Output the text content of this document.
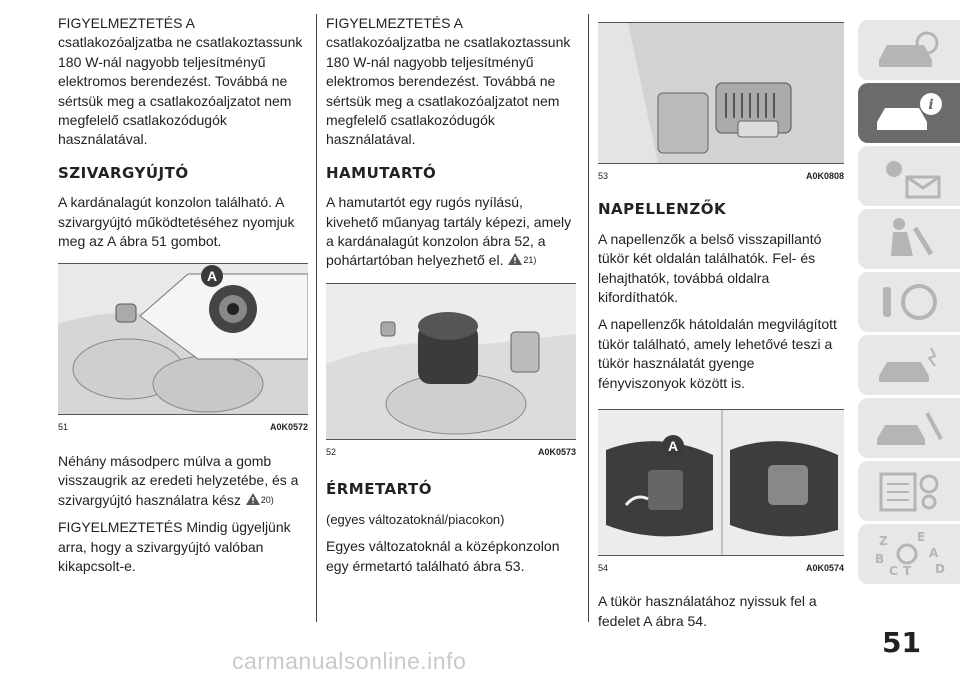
FIGYELMEZTETÉS A csatlakozóaljzatba ne csatlakoztassunk 180 W-nál nagyobb teljesítményű elektromos berendezést. Továbbá ne sértsük meg a csatlakozóaljzatot nem megfelelő csatlakozódugók használatával.

SZIVARGYÚJTÓ

A kardánalagút konzolon található. A szivargyújtó működtetéséhez nyomjuk meg az A ábra 51 gombot.

A
51	A0K0572

Néhány másodperc múlva a gomb visszaugrik az eredeti helyzetébe, és a szivargyújtó használatra kész $^{20)}$

FIGYELMEZTETÉS Mindig ügyeljünk arra, hogy a szivargyújtó valóban kikapcsolt-e.

FIGYELMEZTETÉS A csatlakozóaljzatba ne csatlakoztassunk 180 W-nál nagyobb teljesítményű elektromos berendezést. Továbbá ne sértsük meg a csatlakozóaljzatot nem megfelelő csatlakozódugók használatával.

HAMUTARTÓ

A hamutartót egy rugós nyílású, kivehető műanyag tartály képezi, amely a kardánalagút konzolon ábra 52, a pohártartóban helyezhető el. $^{21)}$

52	A0K0573
ÉRMETARTÓ

(egyes változatoknál/piacokon)

Egyes változatoknál a középkonzolon egy érmetartó található ábra 53.

53	A0K0808
NAPELLENZŐK

A napellenzők a belső visszapillantó tükör két oldalán találhatók. Fel- és lehajthatók, továbbá oldalra kifordíthatók.

A napellenzők hátoldalán megvilágított tükör található, amely lehetővé teszi a tükör használatát gyenge fényviszonyok között is.

A
54	A0K0574

A tükör használatához nyissuk fel a fedelet A ábra 54.

i
Z E
A
B
C T D
51
carmanualsonline.info
